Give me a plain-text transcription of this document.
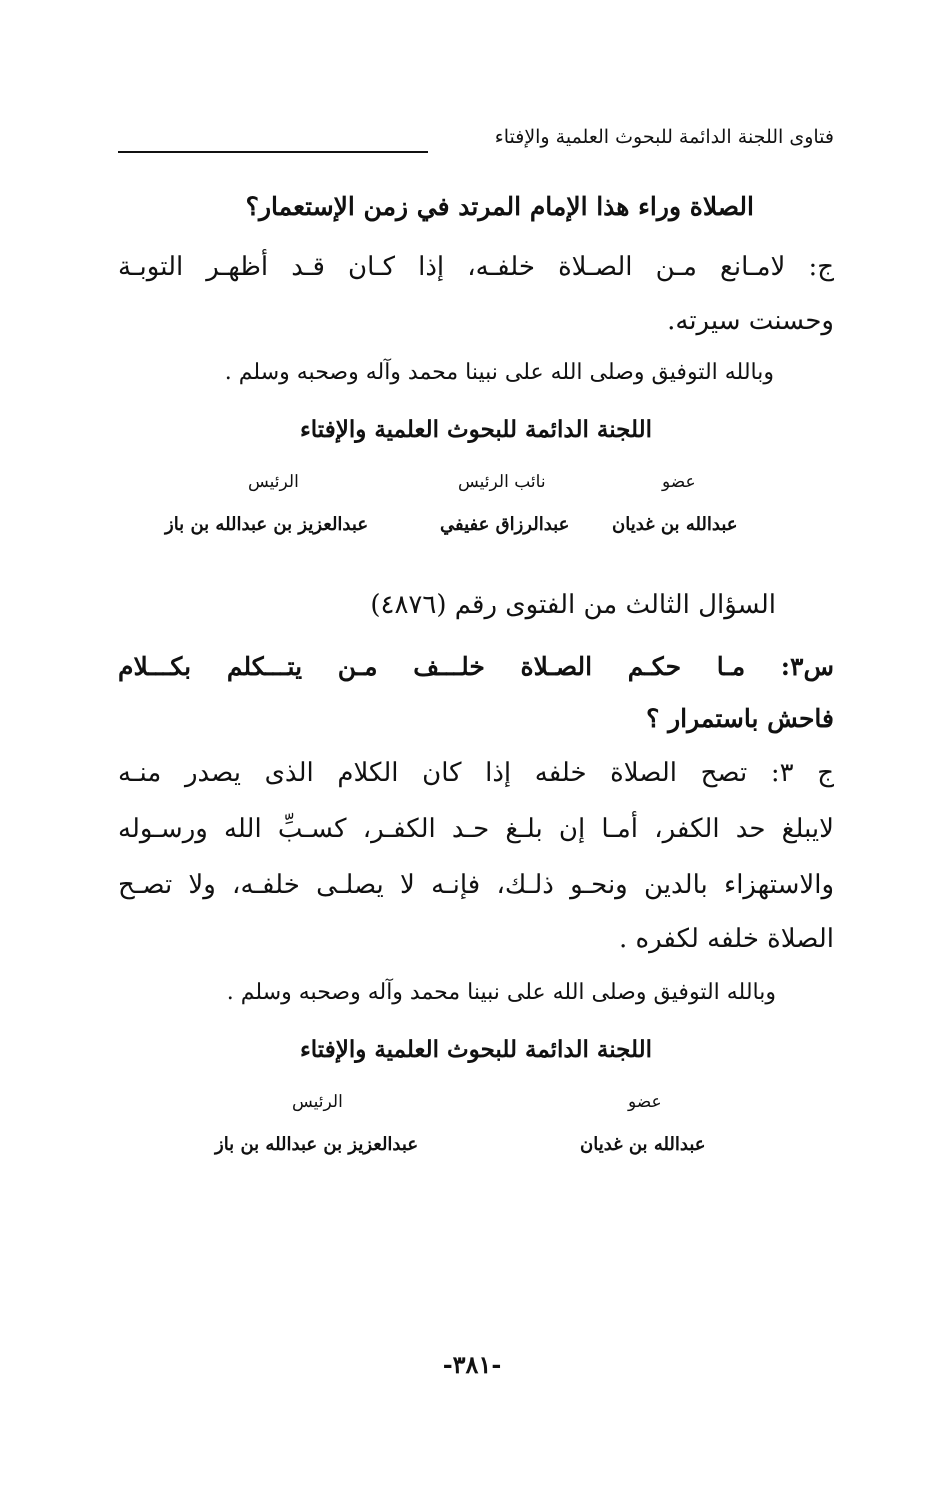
فتاوى اللجنة الدائمة للبحوث العلمية والإفتاء
الصلاة وراء هذا الإمام المرتد في زمن الإستعمار؟
ج: لامـانع مـن الصـلاة خلفـه، إذا كـان قـد أظهـر التوبـة
وحسنت سيرته.
وبالله التوفيق وصلى الله على نبينا محمد وآله وصحبه وسلم .
اللجنة الدائمة للبحوث العلمية والإفتاء
عضو
نائب الرئيس
الرئيس
عبدالله بن غديان
عبدالرزاق عفيفي
عبدالعزيز بن عبدالله بن باز
السؤال الثالث من الفتوى رقم (٤٨٧٦)
س٣: مـا حكـم الصـلاة خلـــف مـن يتـــكلم بكـــلام
فاحش باستمرار ؟
ج ٣: تصح الصلاة خلفه إذا كان الكلام الذى يصدر منـه
لايبلغ حد الكفر، أمـا إن بلـغ حـد الكفـر، كسـبِّ الله ورسـوله
والاستهزاء بالدين ونحـو ذلـك، فإنـه لا يصلـى خلفـه، ولا تصـح
الصلاة خلفه لكفره .
وبالله التوفيق وصلى الله على نبينا محمد وآله وصحبه وسلم .
اللجنة الدائمة للبحوث العلمية والإفتاء
عضو
الرئيس
عبدالله بن غديان
عبدالعزيز بن عبدالله بن باز
-٣٨١-
